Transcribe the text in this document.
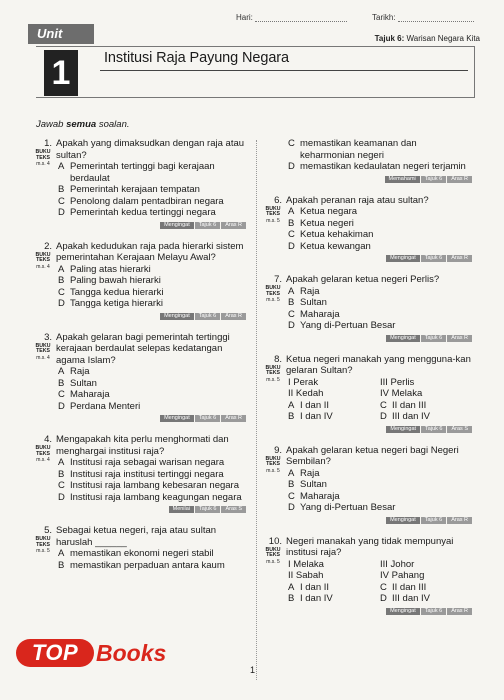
Hari:	Tarikh:
Unit	Tajuk 6: Warisan Negara Kita
1	Institusi Raja Payung Negara
Jawab semua soalan.
1. Apakah yang dimaksudkan dengan raja atau sultan?
BUKU
TEKS
m.s. 4 A Pemerintah tertinggi bagi kerajaan berdaulat
B Pemerintah kerajaan tempatan
C Penolong dalam pentadbiran negara
D Pemerintah kedua tertinggi negara
Mengingat	Tajuk 6	Aras R
2. Apakah kedudukan raja pada hierarki sistem pemerintahan Kerajaan Melayu Awal?
BUKU
TEKS
m.s. 4 A Paling atas hierarki
B Paling bawah hierarki
C Tangga kedua hierarki
D Tangga ketiga hierarki
Mengingat	Tajuk 6	Aras R
3. Apakah gelaran bagi pemerintah tertinggi kerajaan berdaulat selepas kedatangan agama Islam?
BUKU
TEKS
m.s. 4
A Raja
B Sultan
C Maharaja
D Perdana Menteri
Mengingat	Tajuk 6	Aras R
4. Mengapakah kita perlu menghormati dan menghargai institusi raja?
BUKU
TEKS
m.s. 4 A Institusi raja sebagai warisan negara
B Institusi raja institusi tertinggi negara
C Institusi raja lambang kebesaran negara
D Institusi raja lambang keagungan negara
Menilai	Tajuk 6	Aras S
5. Sebagai ketua negeri, raja atau sultan haruslah ______
BUKU
TEKS
m.s. 5 A memastikan ekonomi negeri stabil
B memastikan perpaduan antara kaum
C memastikan keamanan dan keharmonian negeri
D memastikan kedaulatan negeri terjamin
Memahami	Tajuk 6	Aras R
6. Apakah peranan raja atau sultan?
BUKU
TEKS
m.s. 5
A Ketua negara
B Ketua negeri
C Ketua kehakiman
D Ketua kewangan
Mengingat	Tajuk 6	Aras R
7. Apakah gelaran ketua negeri Perlis?
BUKU
TEKS
m.s. 5
A Raja
B Sultan
C Maharaja
D Yang di-Pertuan Besar
Mengingat	Tajuk 6	Aras R
8. Ketua negeri manakah yang mengguna-kan gelaran Sultan?
BUKU
TEKS
m.s. 5 I Perak	III Perlis
II Kedah	IV Melaka
A I dan II	C II dan III
B I dan IV	D III dan IV
Mengingat	Tajuk 6	Aras S
9. Apakah gelaran ketua negeri bagi Negeri Sembilan?
BUKU
TEKS
m.s. 5 A Raja
B Sultan
C Maharaja
D Yang di-Pertuan Besar
Mengingat	Tajuk 6	Aras R
10. Negeri manakah yang tidak mempunyai institusi raja?
BUKU
TEKS
m.s. 5 I Melaka	III Johor
II Sabah	IV Pahang
A I dan II	C II dan III
B I dan IV	D III dan IV
Mengingat	Tajuk 6	Aras R
1
TOP Books
